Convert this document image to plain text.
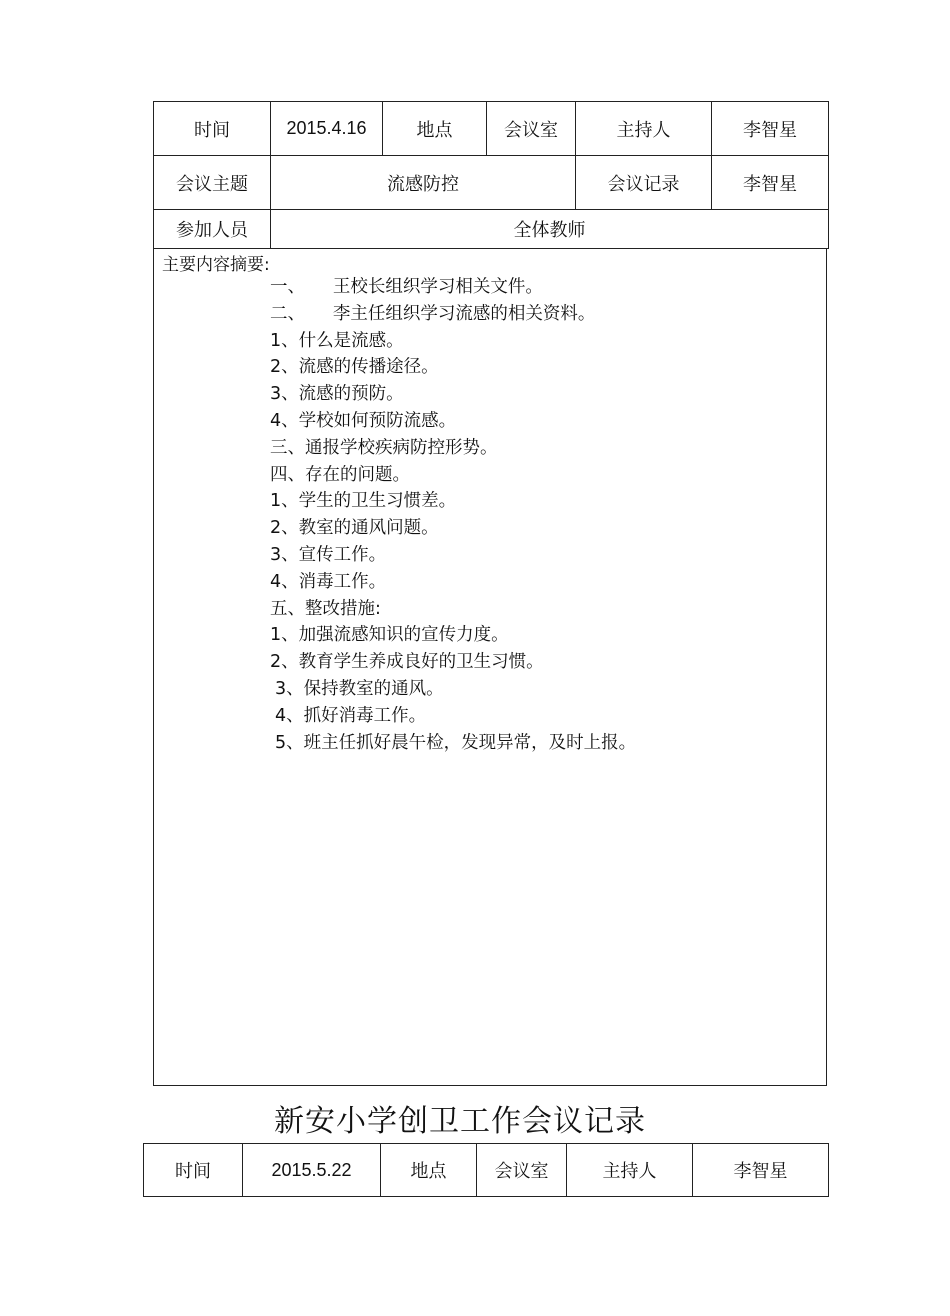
时间	2015.4.16	地点	会议室	主持人	李智星
会议主题	流感防控			会议记录	李智星
参加人员	全体教师				
主要内容摘要:
一、     王校长组织学习相关文件。
二、     李主任组织学习流感的相关资料。
1、什么是流感。
2、流感的传播途径。
3、流感的预防。
4、学校如何预防流感。
三、通报学校疾病防控形势。
四、存在的问题。
1、学生的卫生习惯差。
2、教室的通风问题。
3、宣传工作。
4、消毒工作。
五、整改措施:
1、加强流感知识的宣传力度。
2、教育学生养成良好的卫生习惯。
3、保持教室的通风。
4、抓好消毒工作。
5、班主任抓好晨午检，发现异常，及时上报。
新安小学创卫工作会议记录
时间	2015.5.22	地点	会议室	主持人	李智星
